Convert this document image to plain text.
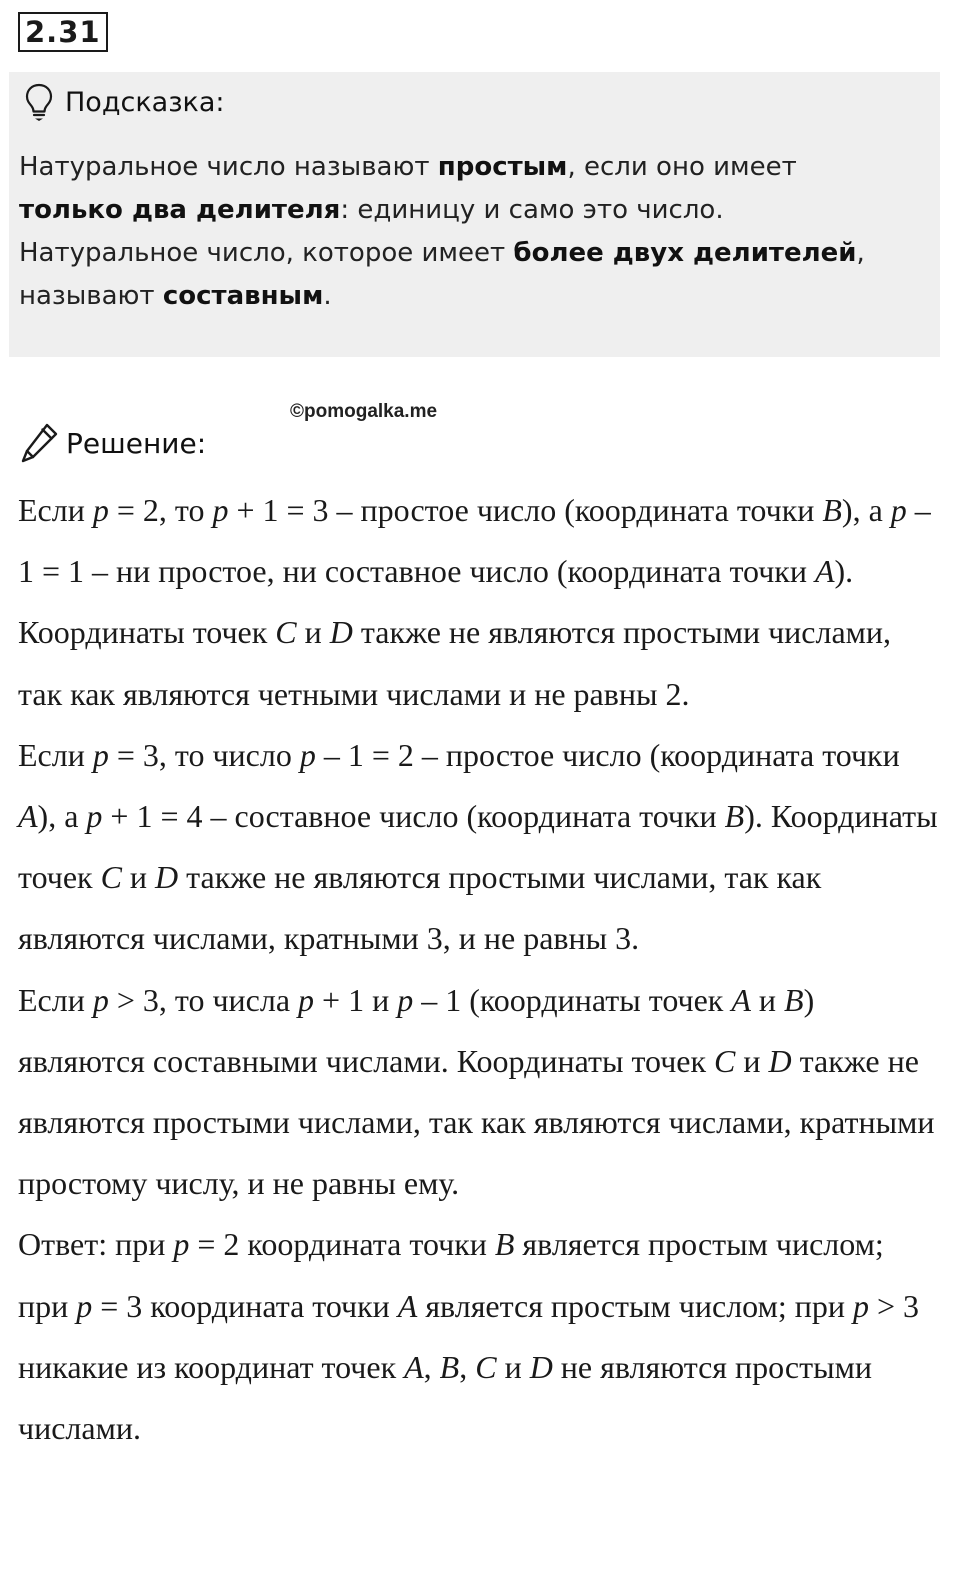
2.31
Подсказка:
Натуральное число называют простым, если оно имеет
только два делителя: единицу и само это число.
Натуральное число, которое имеет более двух делителей,
называют составным.
©pomogalka.me
Решение:

Если p = 2, то p + 1 = 3 – простое число (координата точки B), а p – 1 = 1 – ни простое, ни составное число (координата точки A). Координаты точек C и D также не являются простыми числами, так как являются четными числами и не равны 2.

Если p = 3, то число p – 1 = 2 – простое число (координата точки A), а p + 1 = 4 – составное число (координата точки B). Координаты точек C и D также не являются простыми числами, так как являются числами, кратными 3, и не равны 3.

Если p > 3, то числа p + 1 и p – 1 (координаты точек A и B) являются составными числами. Координаты точек C и D также не являются простыми числами, так как являются числами, кратными простому числу, и не равны ему.

Ответ: при p = 2 координата точки B является простым числом; при p = 3 координата точки A является простым числом; при p > 3 никакие из координат точек A, B, C и D не являются простыми числами.
